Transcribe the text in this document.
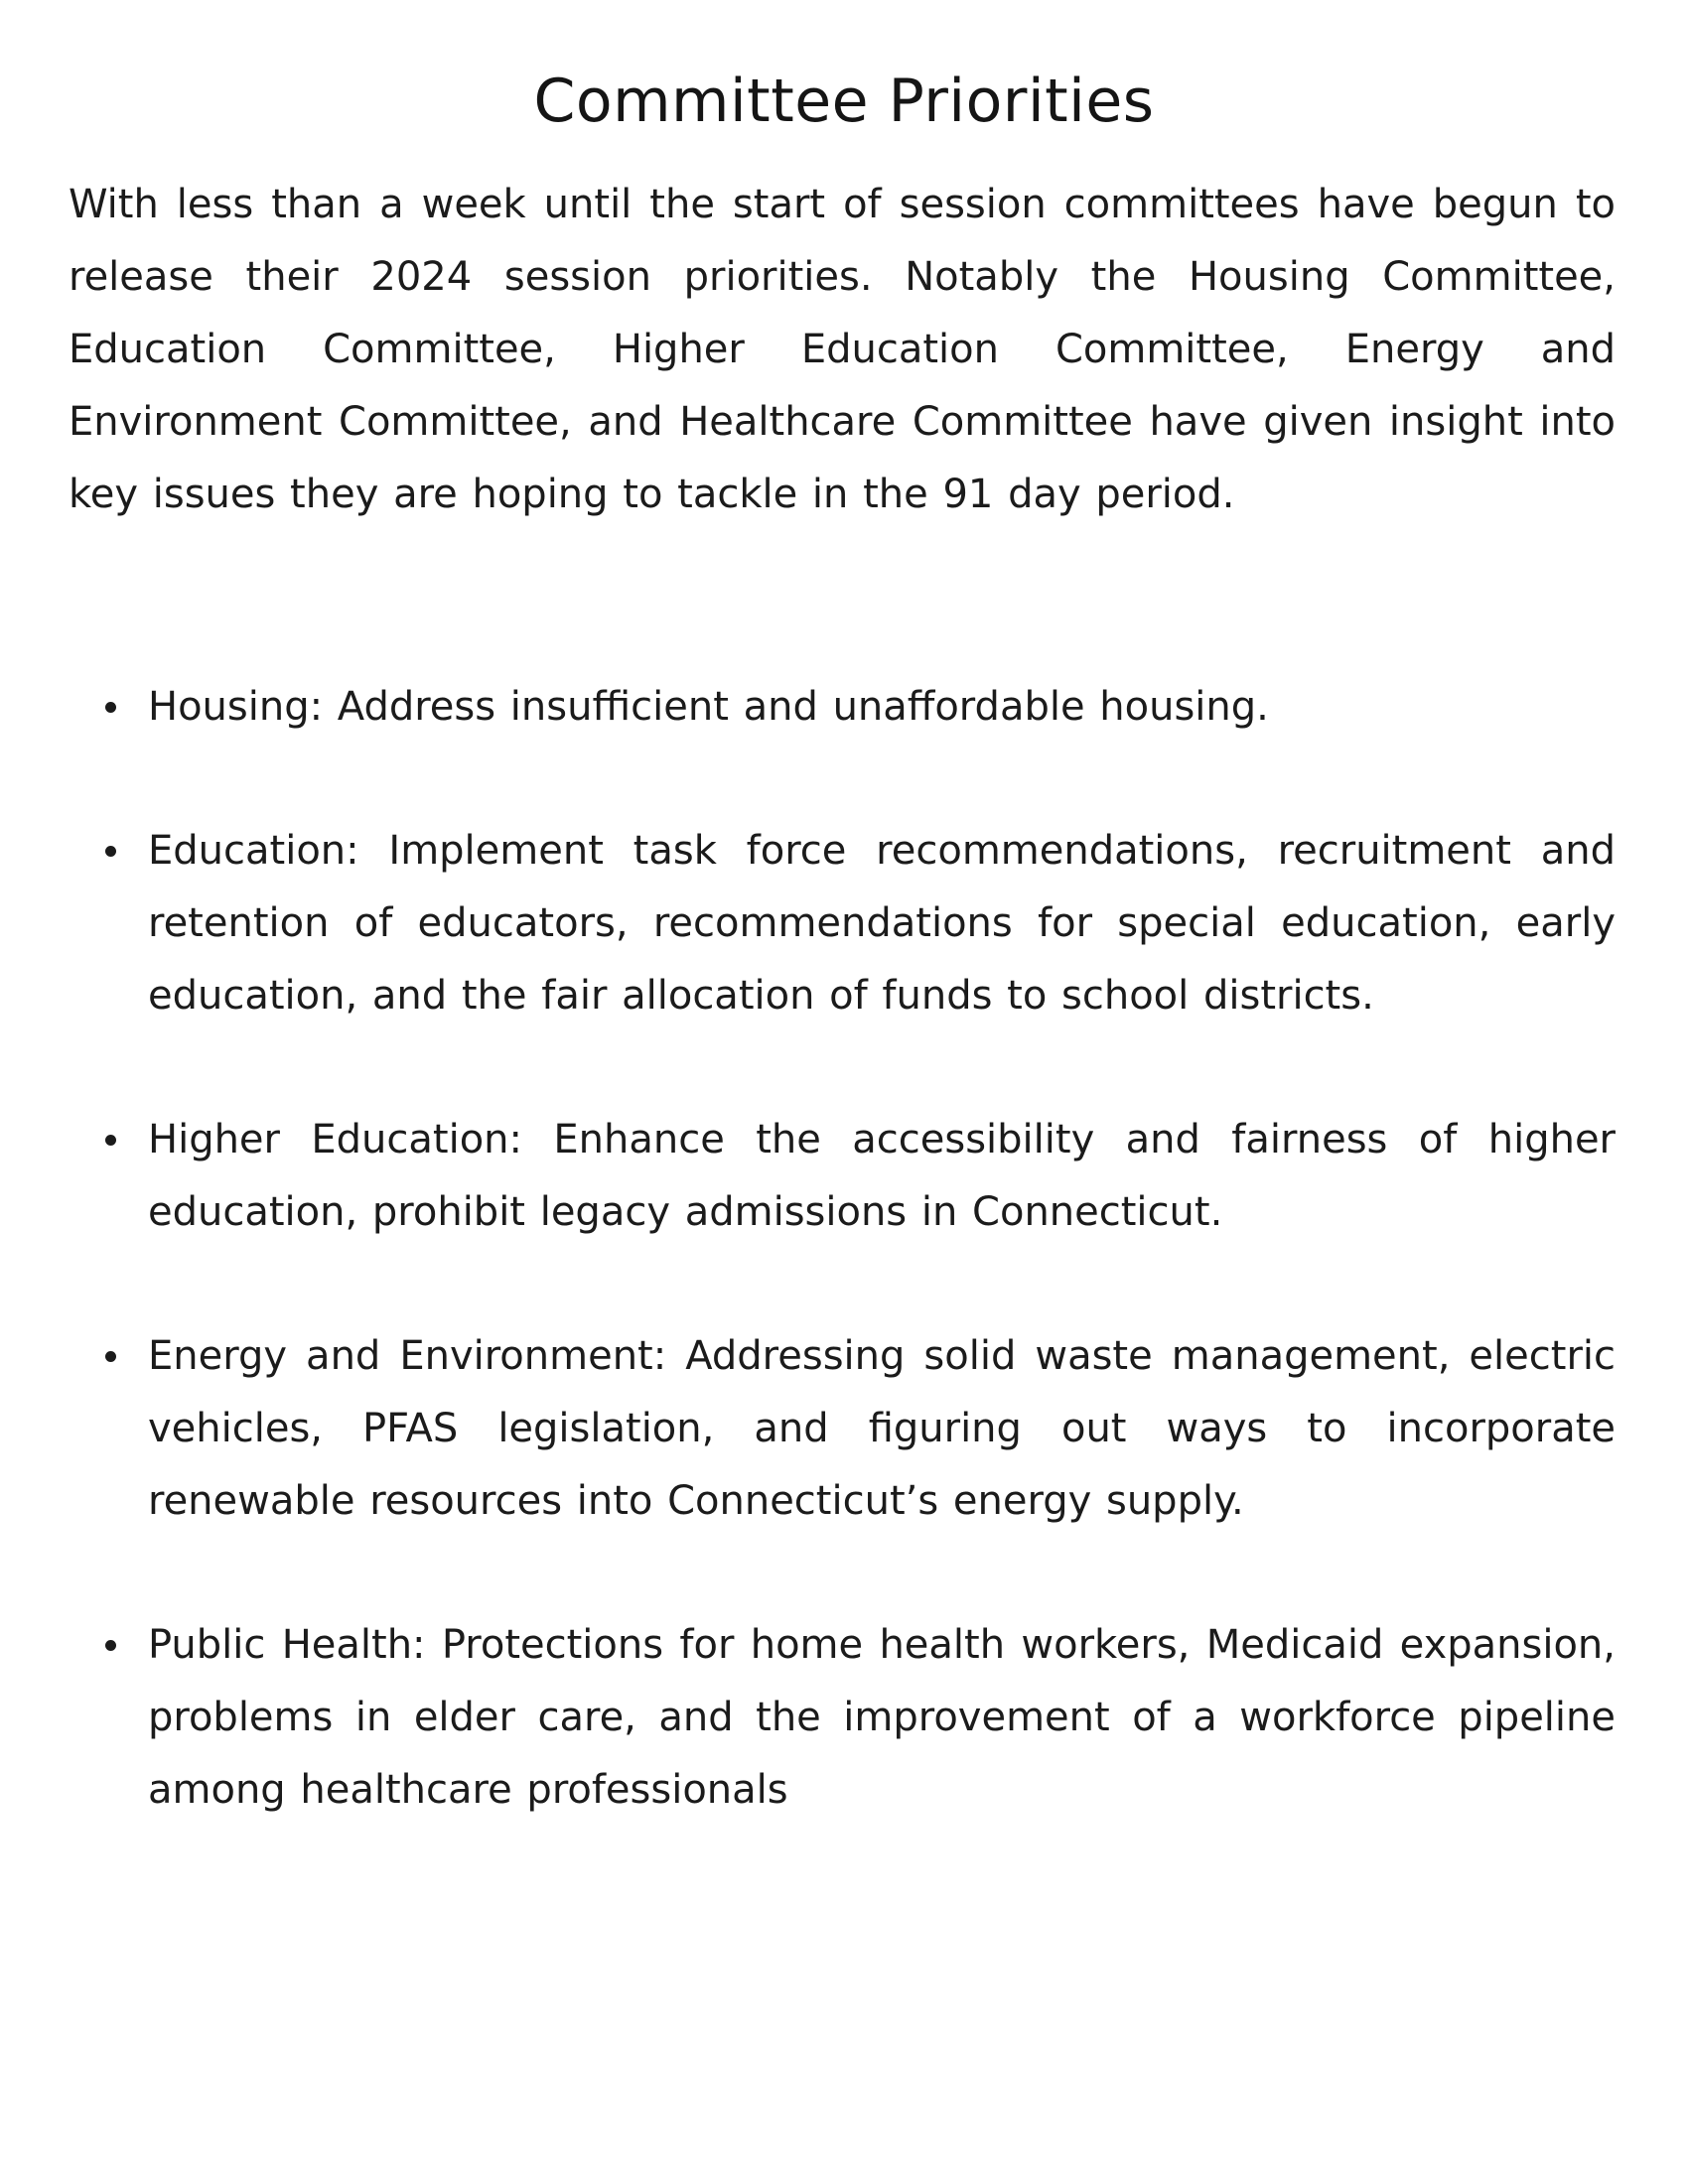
Committee Priorities

With less than a week until the start of session committees have begun to release their 2024 session priorities. Notably the Housing Committee, Education Committee, Higher Education Committee, Energy and Environment Committee, and Healthcare Committee have given insight into key issues they are hoping to tackle in the 91 day period.

Housing: Address insufficient and unaffordable housing.
Education: Implement task force recommendations, recruitment and retention of educators, recommendations for special education, early education, and the fair allocation of funds to school districts.
Higher Education: Enhance the accessibility and fairness of higher education, prohibit legacy admissions in Connecticut.
Energy and Environment: Addressing solid waste management, electric vehicles, PFAS legislation, and figuring out ways to incorporate renewable resources into Connecticut’s energy supply.
Public Health: Protections for home health workers, Medicaid expansion, problems in elder care, and the improvement of a workforce pipeline among healthcare professionals
